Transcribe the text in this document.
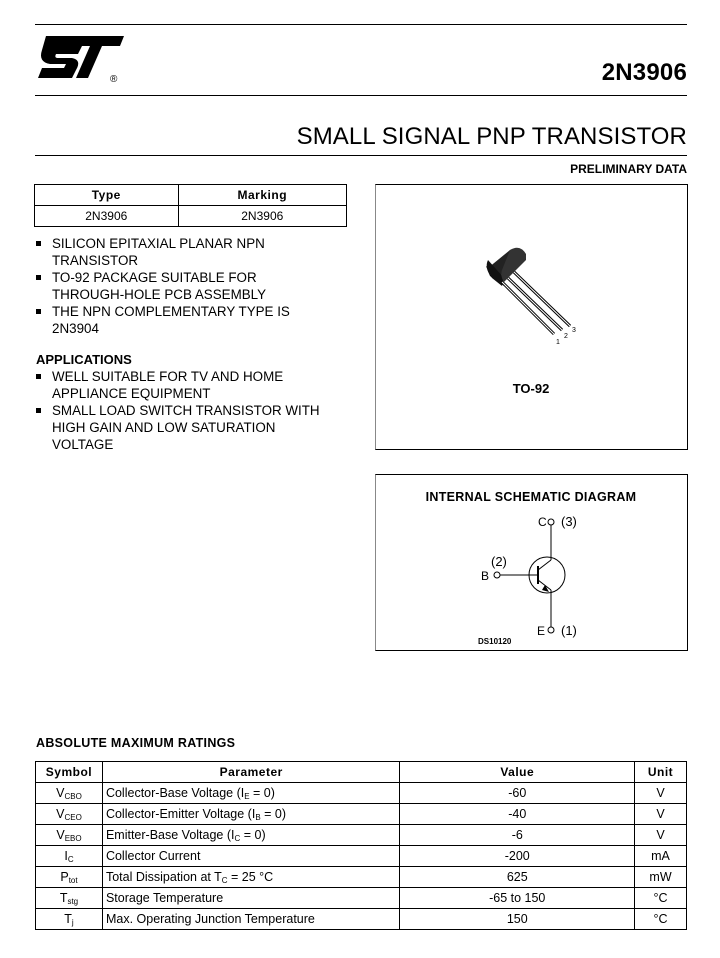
®	2N3906
SMALL SIGNAL PNP TRANSISTOR
PRELIMINARY DATA
Type	Marking
2N3906	2N3906
SILICON EPITAXIAL PLANAR NPN
TRANSISTOR
TO-92 PACKAGE SUITABLE FOR
THROUGH-HOLE PCB ASSEMBLY
THE NPN COMPLEMENTARY TYPE IS
2N3904
APPLICATIONS
WELL SUITABLE FOR TV AND HOME
APPLIANCE EQUIPMENT
SMALL LOAD SWITCH TRANSISTOR WITH
HIGH GAIN AND LOW SATURATION
VOLTAGE
1
2
3
TO-92
INTERNAL SCHEMATIC DIAGRAM
C (3)
(2)
B
E (1)
DS10120
ABSOLUTE MAXIMUM RATINGS
Symbol	Parameter	Value	Unit
$V_{CBO}$	Collector-Base Voltage $(I_E = 0)$	-60	V
$V_{CEO}$	Collector-Emitter Voltage $(I_B = 0)$	-40	V
$V_{EBO}$	Emitter-Base Voltage $(I_C = 0)$	-6	V
$I_C$	Collector Current	-200	mA
$P_{tot}$	Total Dissipation at $T_C = 25$ °C	625	mW
$T_{stg}$	Storage Temperature	-65 to 150	°C
$T_j$	Max. Operating Junction Temperature	150	°C
